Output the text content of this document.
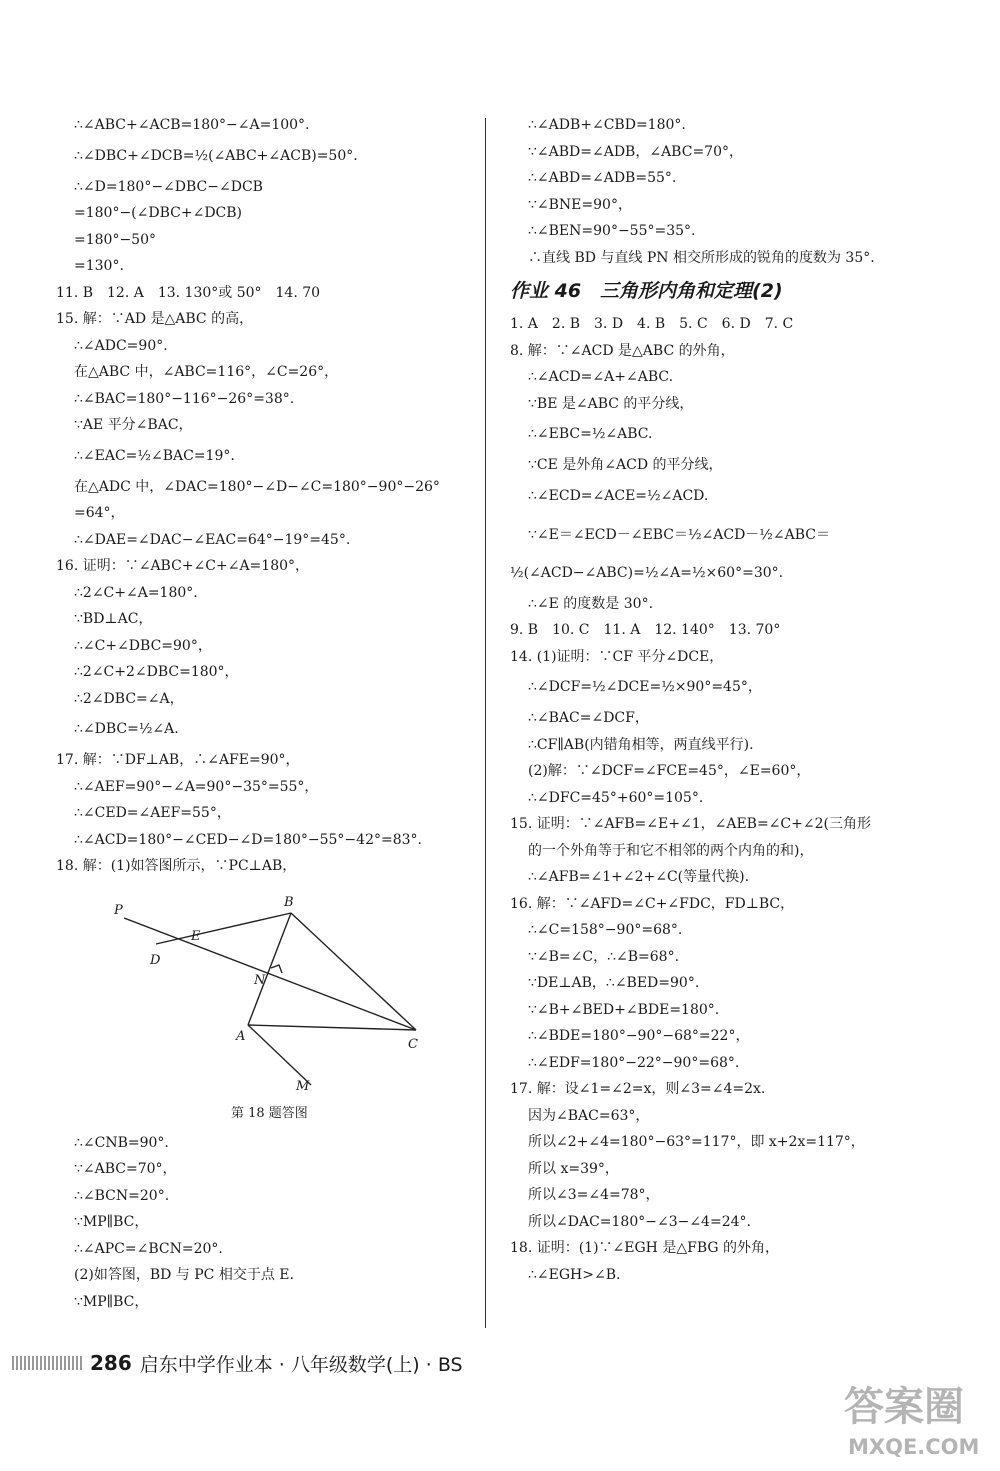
∴∠ABC+∠ACB=180°−∠A=100°.
∴∠DBC+∠DCB=½(∠ABC+∠ACB)=50°.
∴∠D=180°−∠DBC−∠DCB
=180°−(∠DBC+∠DCB)
=180°−50°
=130°.
11. B　12. A　13. 130°或 50°　14. 70
15. 解：∵AD 是△ABC 的高，
∴∠ADC=90°.
在△ABC 中，∠ABC=116°，∠C=26°，
∴∠BAC=180°−116°−26°=38°.
∵AE 平分∠BAC，
∴∠EAC=½∠BAC=19°.
在△ADC 中，∠DAC=180°−∠D−∠C=180°−90°−26°
=64°，
∴∠DAE=∠DAC−∠EAC=64°−19°=45°.
16. 证明：∵∠ABC+∠C+∠A=180°，
∴2∠C+∠A=180°.
∵BD⊥AC，
∴∠C+∠DBC=90°，
∴2∠C+2∠DBC=180°，
∴2∠DBC=∠A，
∴∠DBC=½∠A.
17. 解：∵DF⊥AB，∴∠AFE=90°，
∴∠AEF=90°−∠A=90°−35°=55°，
∴∠CED=∠AEF=55°，
∴∠ACD=180°−∠CED−∠D=180°−55°−42°=83°.
18. 解：(1)如答图所示，∵PC⊥AB，
P
B
E
D
N
A
C
M
第 18 题答图
∴∠CNB=90°.
∵∠ABC=70°，
∴∠BCN=20°.
∵MP∥BC，
∴∠APC=∠BCN=20°.
(2)如答图，BD 与 PC 相交于点 E.
∵MP∥BC，
∴∠ADB+∠CBD=180°.
∵∠ABD=∠ADB，∠ABC=70°，
∴∠ABD=∠ADB=55°.
∵∠BNE=90°，
∴∠BEN=90°−55°=35°.
∴直线 BD 与直线 PN 相交所形成的锐角的度数为 35°.
作业 46　三角形内角和定理(2)
1. A　2. B　3. D　4. B　5. C　6. D　7. C
8. 解：∵∠ACD 是△ABC 的外角，
∴∠ACD=∠A+∠ABC.
∵BE 是∠ABC 的平分线，
∴∠EBC=½∠ABC.
∵CE 是外角∠ACD 的平分线，
∴∠ECD=∠ACE=½∠ACD.
∵∠E＝∠ECD－∠EBC＝½∠ACD－½∠ABC＝
½(∠ACD−∠ABC)=½∠A=½×60°=30°.
∴∠E 的度数是 30°.
9. B　10. C　11. A　12. 140°　13. 70°
14. (1)证明：∵CF 平分∠DCE，
∴∠DCF=½∠DCE=½×90°=45°，
∴∠BAC=∠DCF，
∴CF∥AB(内错角相等，两直线平行).
(2)解：∵∠DCF=∠FCE=45°，∠E=60°，
∴∠DFC=45°+60°=105°.
15. 证明：∵∠AFB=∠E+∠1，∠AEB=∠C+∠2(三角形
的一个外角等于和它不相邻的两个内角的和)，
∴∠AFB=∠1+∠2+∠C(等量代换).
16. 解：∵∠AFD=∠C+∠FDC，FD⊥BC，
∴∠C=158°−90°=68°.
∵∠B=∠C，∴∠B=68°.
∵DE⊥AB，∴∠BED=90°.
∵∠B+∠BED+∠BDE=180°.
∴∠BDE=180°−90°−68°=22°，
∴∠EDF=180°−22°−90°=68°.
17. 解：设∠1=∠2=x，则∠3=∠4=2x.
因为∠BAC=63°，
所以∠2+∠4=180°−63°=117°，即 x+2x=117°，
所以 x=39°，
所以∠3=∠4=78°，
所以∠DAC=180°−∠3−∠4=24°.
18. 证明：(1)∵∠EGH 是△FBG 的外角，
∴∠EGH>∠B.
286 启东中学作业本 · 八年级数学(上) · BS
答案圈
MXQE.COM
